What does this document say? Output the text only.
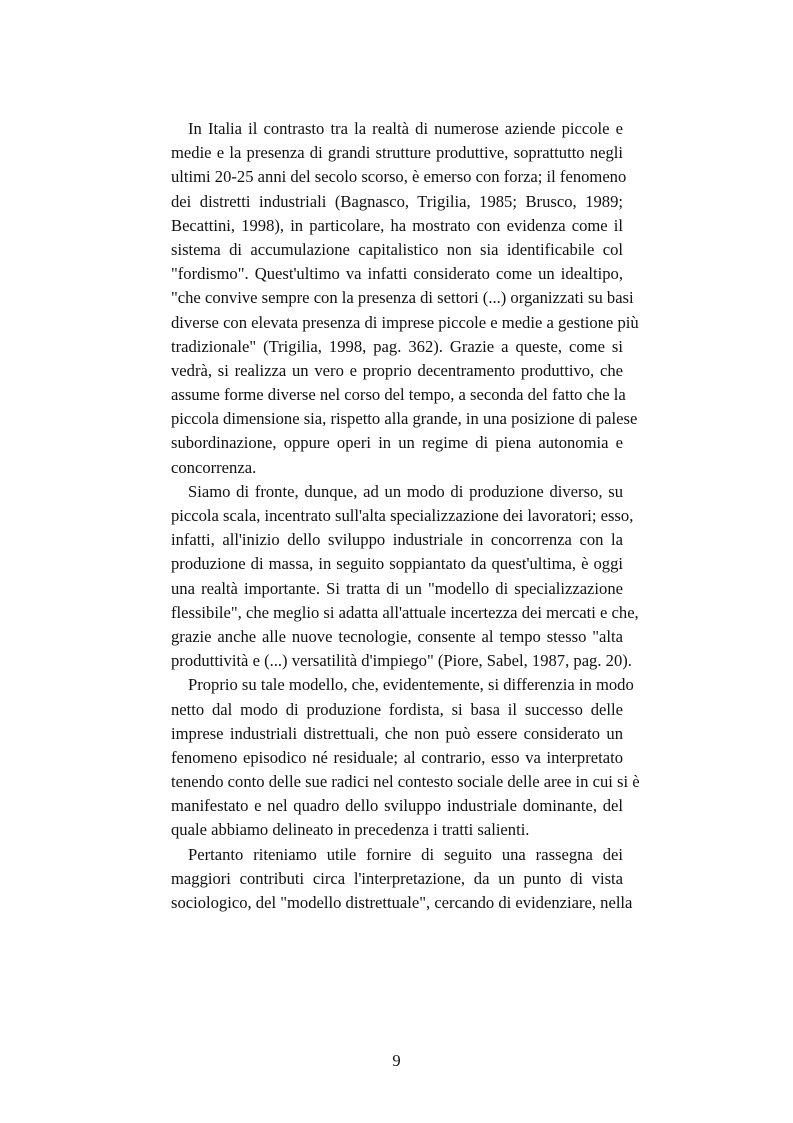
In Italia il contrasto tra la realtà di numerose aziende piccole e
medie e la presenza di grandi strutture produttive, soprattutto negli
ultimi 20-25 anni del secolo scorso, è emerso con forza; il fenomeno
dei distretti industriali (Bagnasco, Trigilia, 1985; Brusco, 1989;
Becattini, 1998), in particolare, ha mostrato con evidenza come il
sistema di accumulazione capitalistico non sia identificabile col
"fordismo". Quest'ultimo va infatti considerato come un idealtipo,
"che convive sempre con la presenza di settori (...) organizzati su basi
diverse con elevata presenza di imprese piccole e medie a gestione più
tradizionale" (Trigilia, 1998, pag. 362). Grazie a queste, come si
vedrà, si realizza un vero e proprio decentramento produttivo, che
assume forme diverse nel corso del tempo, a seconda del fatto che la
piccola dimensione sia, rispetto alla grande, in una posizione di palese
subordinazione, oppure operi in un regime di piena autonomia e
concorrenza.
Siamo di fronte, dunque, ad un modo di produzione diverso, su
piccola scala, incentrato sull'alta specializzazione dei lavoratori; esso,
infatti, all'inizio dello sviluppo industriale in concorrenza con la
produzione di massa, in seguito soppiantato da quest'ultima, è oggi
una realtà importante. Si tratta di un "modello di specializzazione
flessibile", che meglio si adatta all'attuale incertezza dei mercati e che,
grazie anche alle nuove tecnologie, consente al tempo stesso "alta
produttività e (...) versatilità d'impiego" (Piore, Sabel, 1987, pag. 20).
Proprio su tale modello, che, evidentemente, si differenzia in modo
netto dal modo di produzione fordista, si basa il successo delle
imprese industriali distrettuali, che non può essere considerato un
fenomeno episodico né residuale; al contrario, esso va interpretato
tenendo conto delle sue radici nel contesto sociale delle aree in cui si è
manifestato e nel quadro dello sviluppo industriale dominante, del
quale abbiamo delineato in precedenza i tratti salienti.
Pertanto riteniamo utile fornire di seguito una rassegna dei
maggiori contributi circa l'interpretazione, da un punto di vista
sociologico, del "modello distrettuale", cercando di evidenziare, nella
9
